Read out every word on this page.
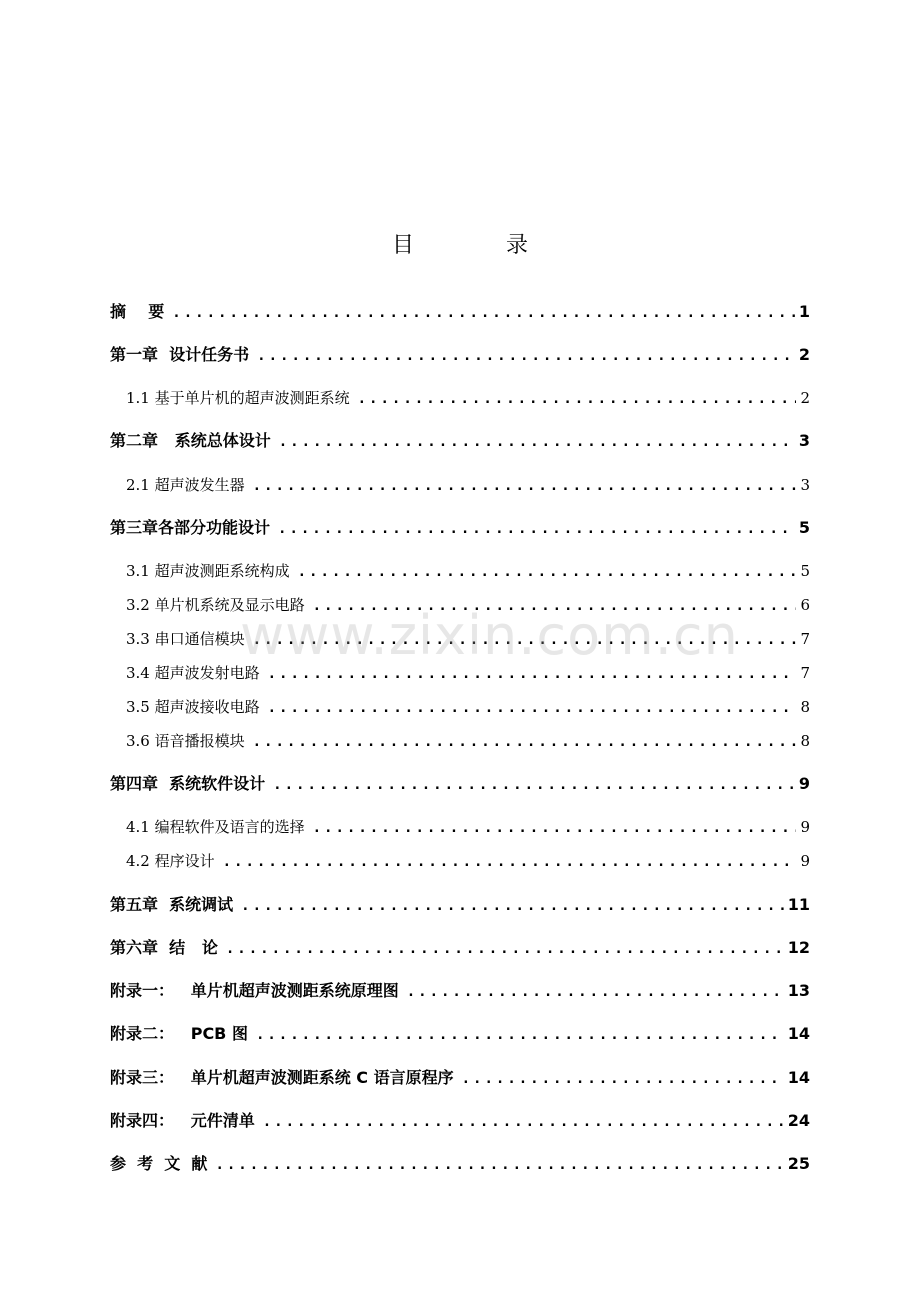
目  录
摘    要 .....	1
第一章  设计任务书 .....	2
1.1 基于单片机的超声波测距系统 .....	2
第二章   系统总体设计 .....	3
2.1 超声波发生器 .....	3
第三章各部分功能设计 .....	5
3.1 超声波测距系统构成 .....	5
3.2 单片机系统及显示电路 .....	6
3.3 串口通信模块 .....	7
3.4 超声波发射电路 .....	7
3.5 超声波接收电路 .....	8
3.6 语音播报模块 .....	8
第四章  系统软件设计 .....	9
4.1 编程软件及语言的选择 .....	9
4.2 程序设计 .....	9
第五章  系统调试 .....	11
第六章  结   论 .....	12
附录一：   单片机超声波测距系统原理图 .....	13
附录二：   PCB 图 .....	14
附录三：   单片机超声波测距系统 C 语言原程序 .....	14
附录四：   元件清单 .....	24
参  考  文  献 .....	25
www.zixin.com.cn
